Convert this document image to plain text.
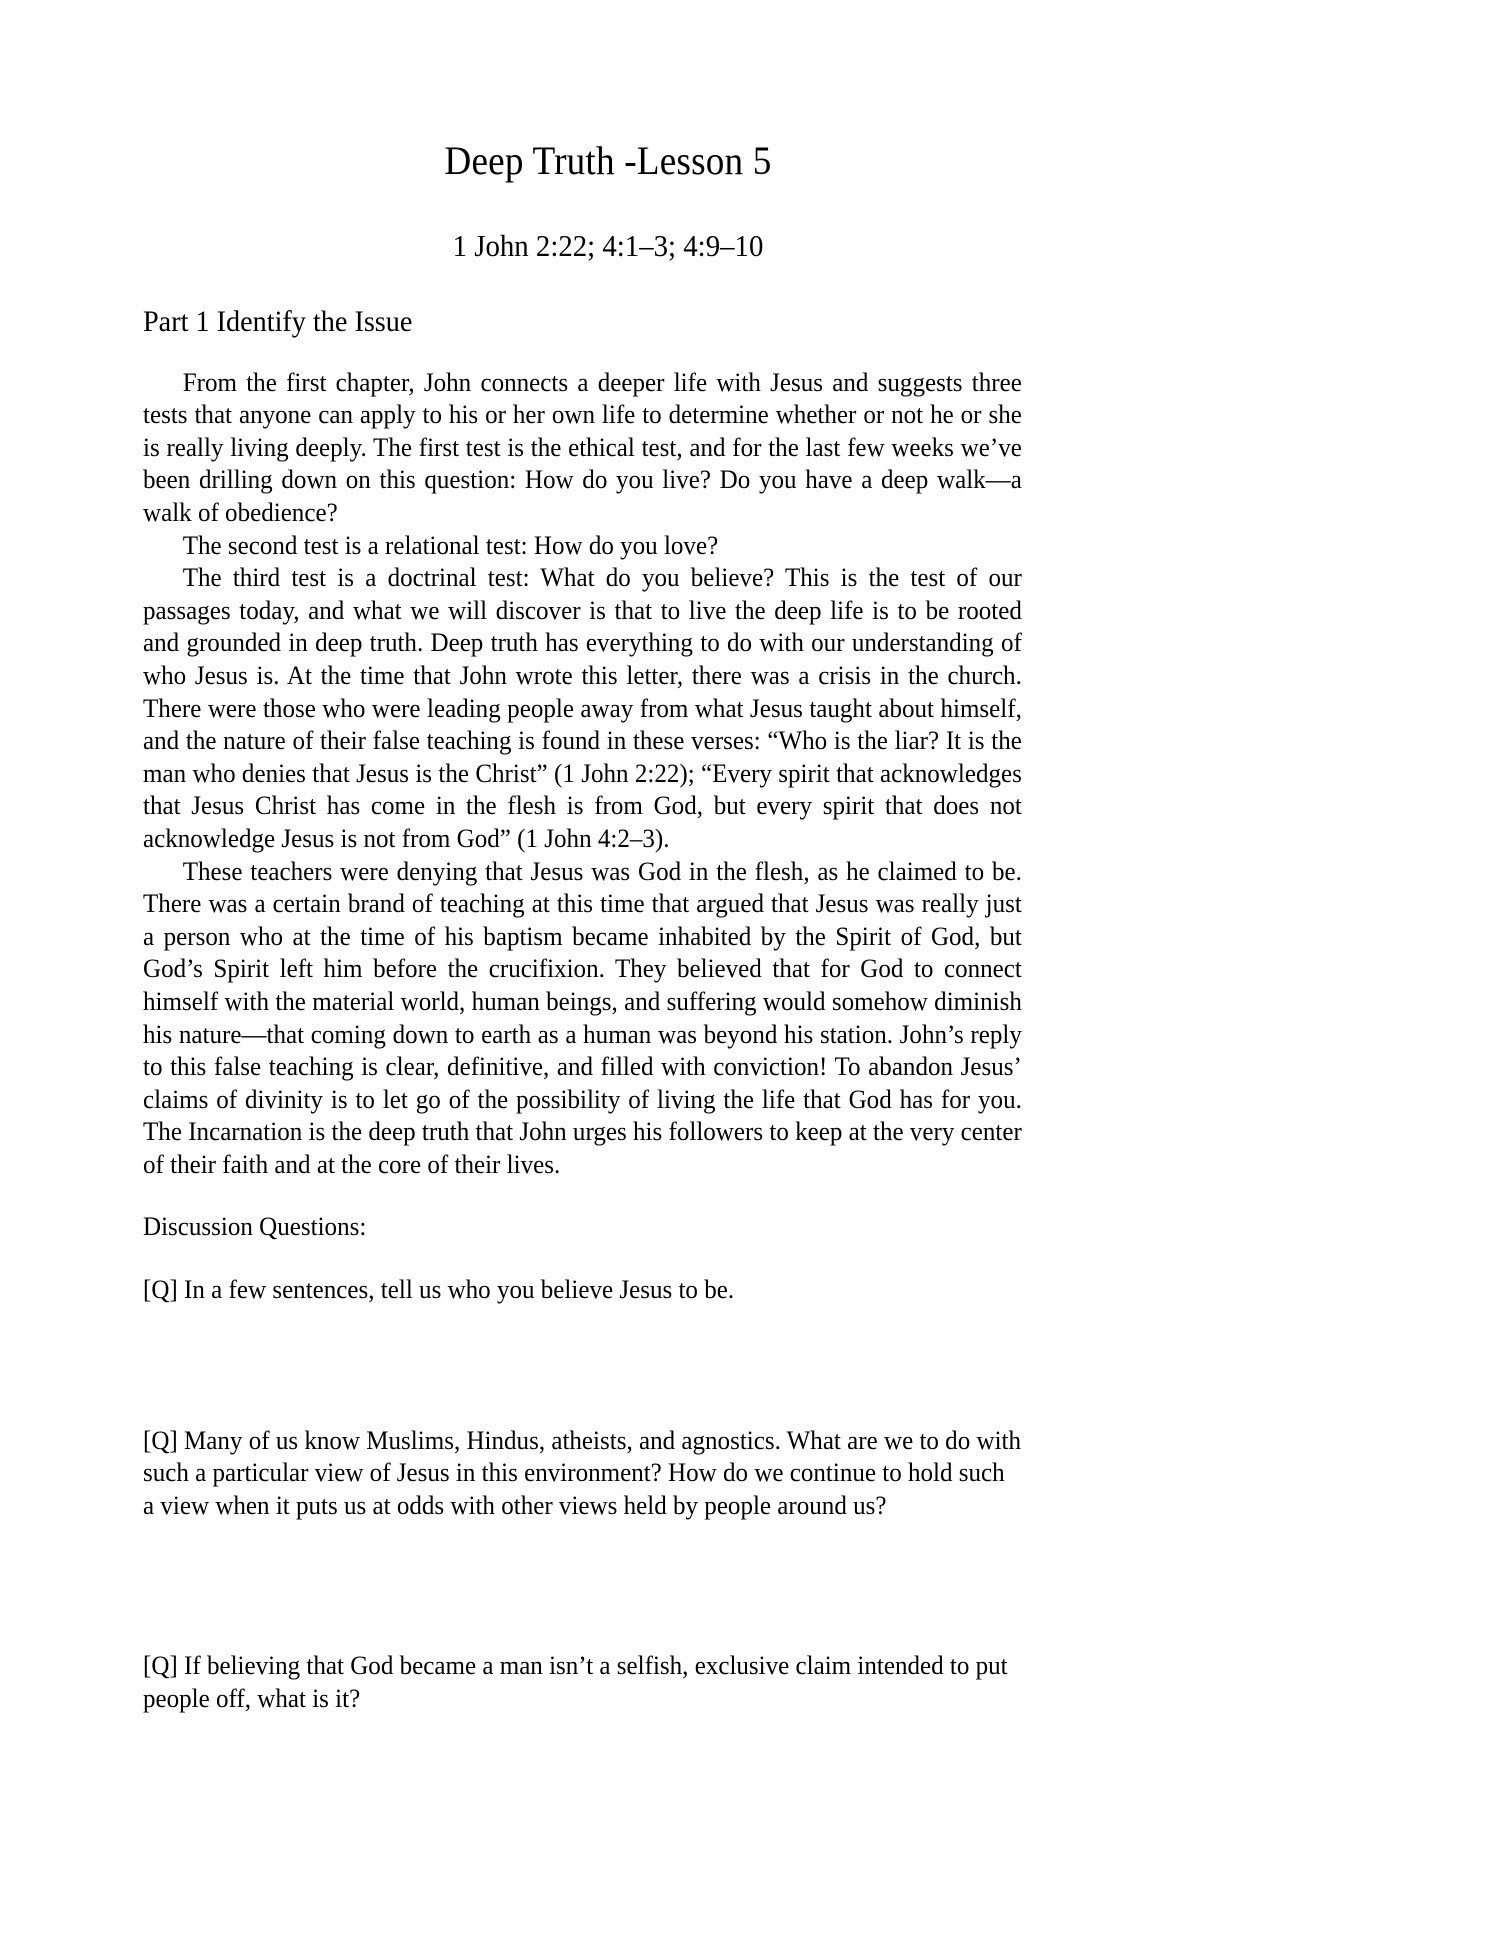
Deep Truth -Lesson 5

1 John 2:22; 4:1–3; 4:9–10

Part 1 Identify the Issue

From the first chapter, John connects a deeper life with Jesus and suggests three tests that anyone can apply to his or her own life to determine whether or not he or she is really living deeply. The first test is the ethical test, and for the last few weeks we’ve been drilling down on this question: How do you live? Do you have a deep walk—a walk of obedience?

The second test is a relational test: How do you love?

The third test is a doctrinal test: What do you believe? This is the test of our passages today, and what we will discover is that to live the deep life is to be rooted and grounded in deep truth. Deep truth has everything to do with our understanding of who Jesus is. At the time that John wrote this letter, there was a crisis in the church. There were those who were leading people away from what Jesus taught about himself, and the nature of their false teaching is found in these verses: “Who is the liar? It is the man who denies that Jesus is the Christ” (1 John 2:22); “Every spirit that acknowledges that Jesus Christ has come in the flesh is from God, but every spirit that does not acknowledge Jesus is not from God” (1 John 4:2–3).

These teachers were denying that Jesus was God in the flesh, as he claimed to be. There was a certain brand of teaching at this time that argued that Jesus was really just a person who at the time of his baptism became inhabited by the Spirit of God, but God’s Spirit left him before the crucifixion. They believed that for God to connect himself with the material world, human beings, and suffering would somehow diminish his nature—that coming down to earth as a human was beyond his station. John’s reply to this false teaching is clear, definitive, and filled with conviction! To abandon Jesus’ claims of divinity is to let go of the possibility of living the life that God has for you. The Incarnation is the deep truth that John urges his followers to keep at the very center of their faith and at the core of their lives.

Discussion Questions:

[Q] In a few sentences, tell us who you believe Jesus to be.

[Q] Many of us know Muslims, Hindus, atheists, and agnostics. What are we to do with such a particular view of Jesus in this environment? How do we continue to hold such a view when it puts us at odds with other views held by people around us?

[Q] If believing that God became a man isn’t a selfish, exclusive claim intended to put people off, what is it?
